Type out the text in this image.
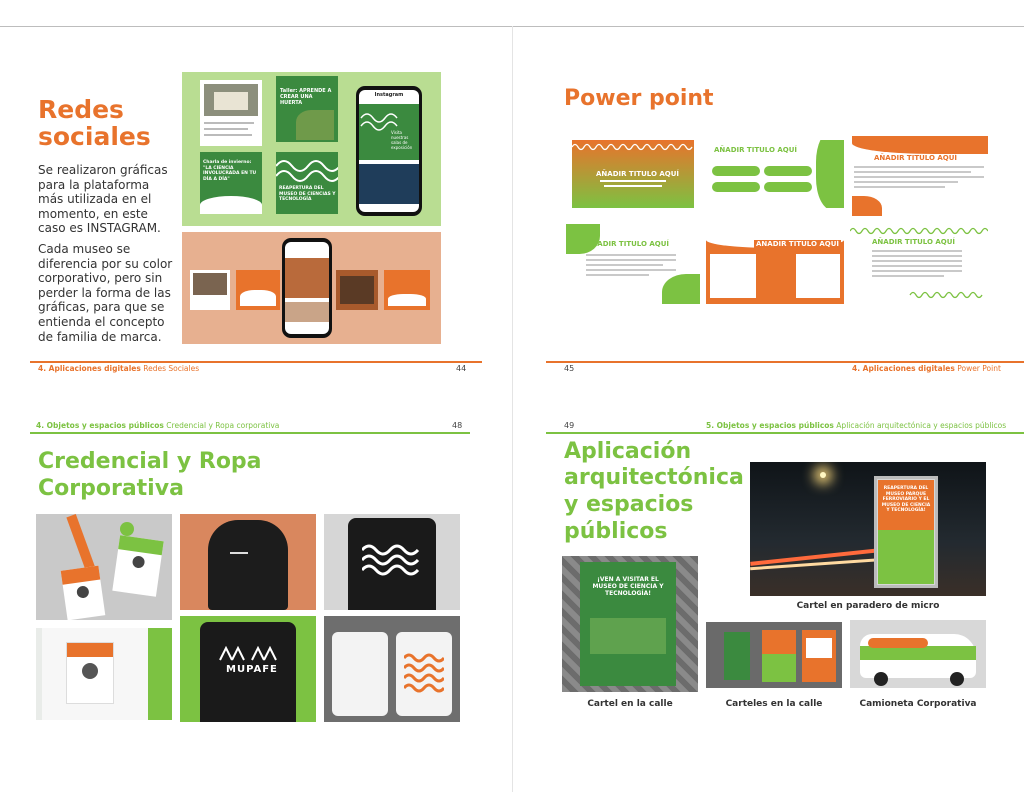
Redes
sociales
Se realizaron gráficas para la plataforma más utilizada en el momento, en este caso es INSTAGRAM.
Cada museo se diferencia por su color corporativo, pero sin perder la forma de las gráficas, para que se entienda el concepto de familia de marca.
Taller: APRENDE A CREAR UNA HUERTA
Charla de invierno: "LA CIENCIA INVOLUCRADA EN TU DÍA A DÍA"
REAPERTURA DEL MUSEO DE CIENCIAS Y TECNOLOGÍA
Instagram
Visita nuestras salas de exposición
4. Aplicaciones digitales Redes Sociales	44
Power point
AÑADIR TITULO AQUÍ
AÑADIR TITULO AQUÍ
AÑADIR TITULO AQUÍ
AÑADIR TITULO AQUÍ	AÑADIR TITULO AQUÍ	AÑADIR TITULO AQUÍ
45	4. Aplicaciones digitales Power Point
4. Objetos y espacios públicos Credencial y Ropa corporativa	48
Credencial y Ropa
Corporativa
MUPAFE
49	5. Objetos y espacios públicos Aplicación arquitectónica y espacios públicos
Aplicación
arquitectónica
y espacios
públicos
REAPERTURA DEL MUSEO PARQUE FERROVIARIO Y EL MUSEO DE CIENCIA Y TECNOLOGÍA!
Cartel en paradero de micro
¡VEN A VISITAR EL MUSEO DE CIENCIA Y TECNOLOGÍA!
Cartel en la calle	Carteles en la calle	Camioneta Corporativa
